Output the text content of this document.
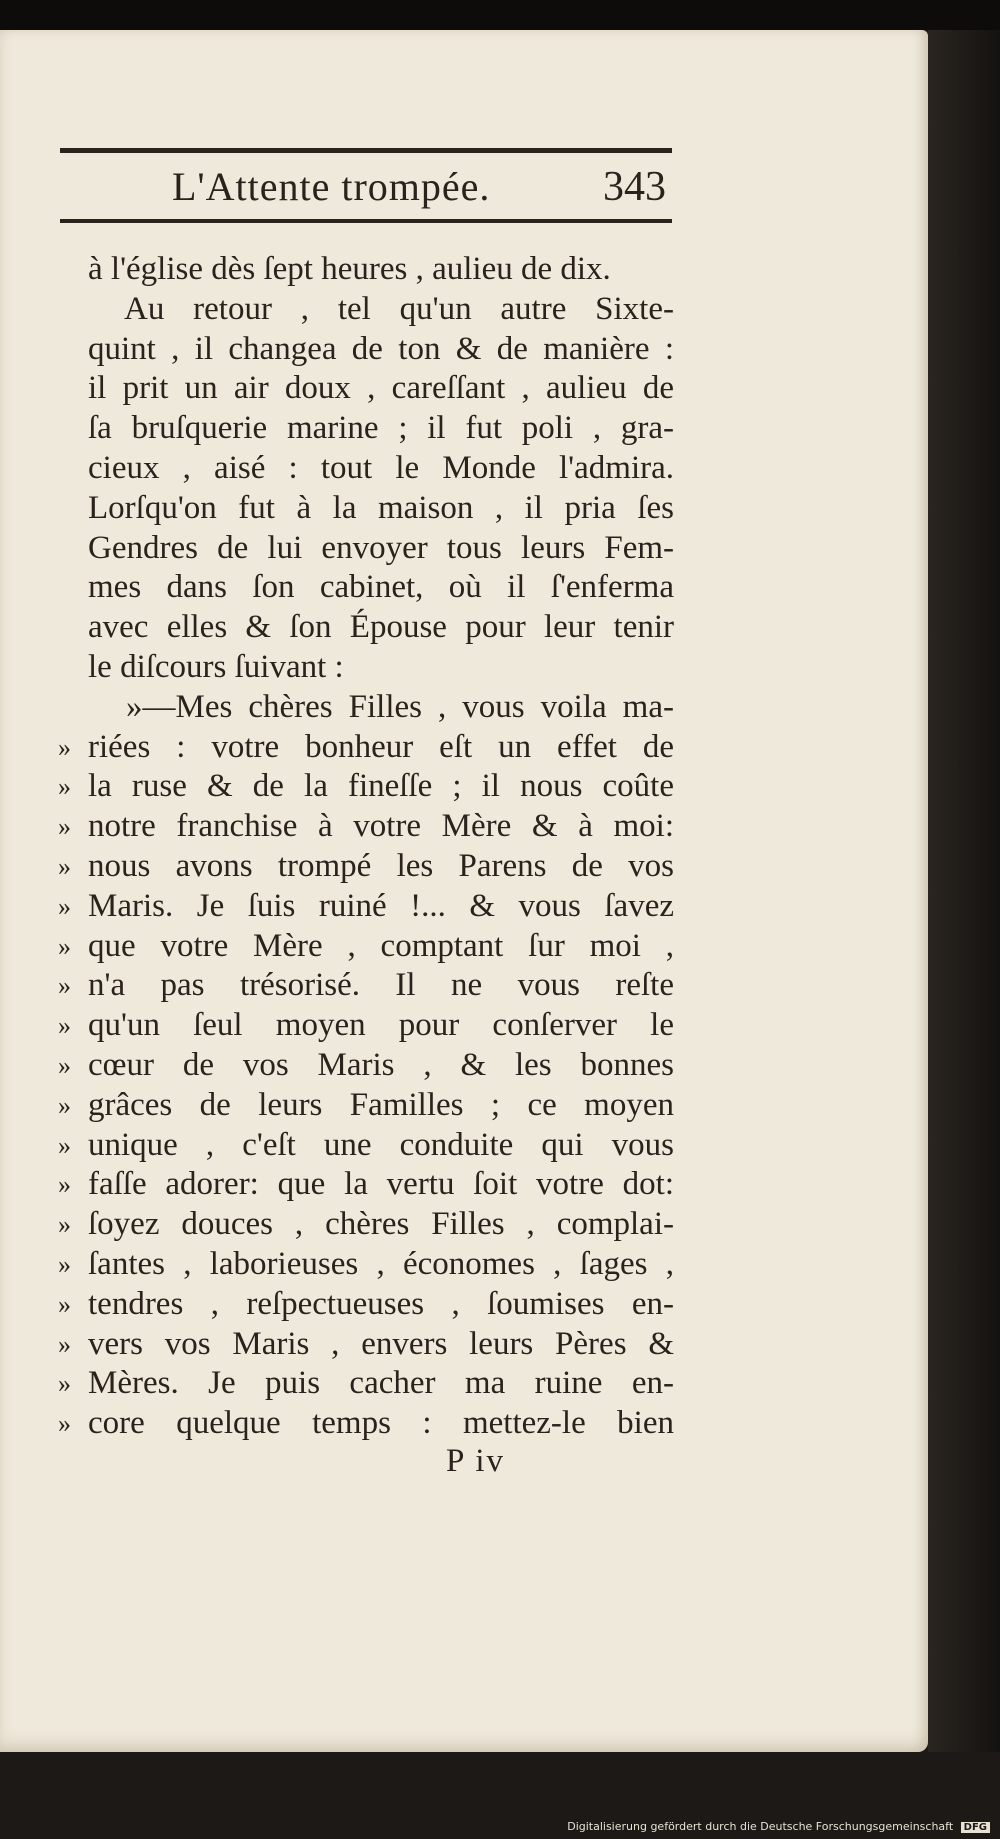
L'Attente trompée.	343
à l'église dès ſept heures , aulieu de dix.
Au retour , tel qu'un autre Sixte-
quint , il changea de ton & de manière :
il prit un air doux , careſſant , aulieu de
ſa bruſquerie marine ; il fut poli , gra-
cieux , aisé : tout le Monde l'admira.
Lorſqu'on fut à la maison , il pria ſes
Gendres de lui envoyer tous leurs Fem-
mes dans ſon cabinet, où il ſ'enferma
avec elles & ſon Épouse pour leur tenir
le diſcours ſuivant :
»—Mes chères Filles , vous voila ma-
» riées : votre bonheur eſt un effet de
» la ruse & de la fineſſe ; il nous coûte
» notre franchise à votre Mère & à moi:
» nous avons trompé les Parens de vos
» Maris. Je ſuis ruiné !... & vous ſavez
» que votre Mère , comptant ſur moi ,
» n'a pas trésorisé. Il ne vous reſte
» qu'un ſeul moyen pour conſerver le
» cœur de vos Maris , & les bonnes
» grâces de leurs Familles ; ce moyen
» unique , c'eſt une conduite qui vous
» faſſe adorer: que la vertu ſoit votre dot:
» ſoyez douces , chères Filles , complai-
» ſantes , laborieuses , économes , ſages ,
» tendres , reſpectueuses , ſoumises en-
» vers vos Maris , envers leurs Pères &
» Mères. Je puis cacher ma ruine en-
» core quelque temps : mettez-le bien
P iv
Digitalisierung gefördert durch die Deutsche Forschungsgemeinschaft DFG
